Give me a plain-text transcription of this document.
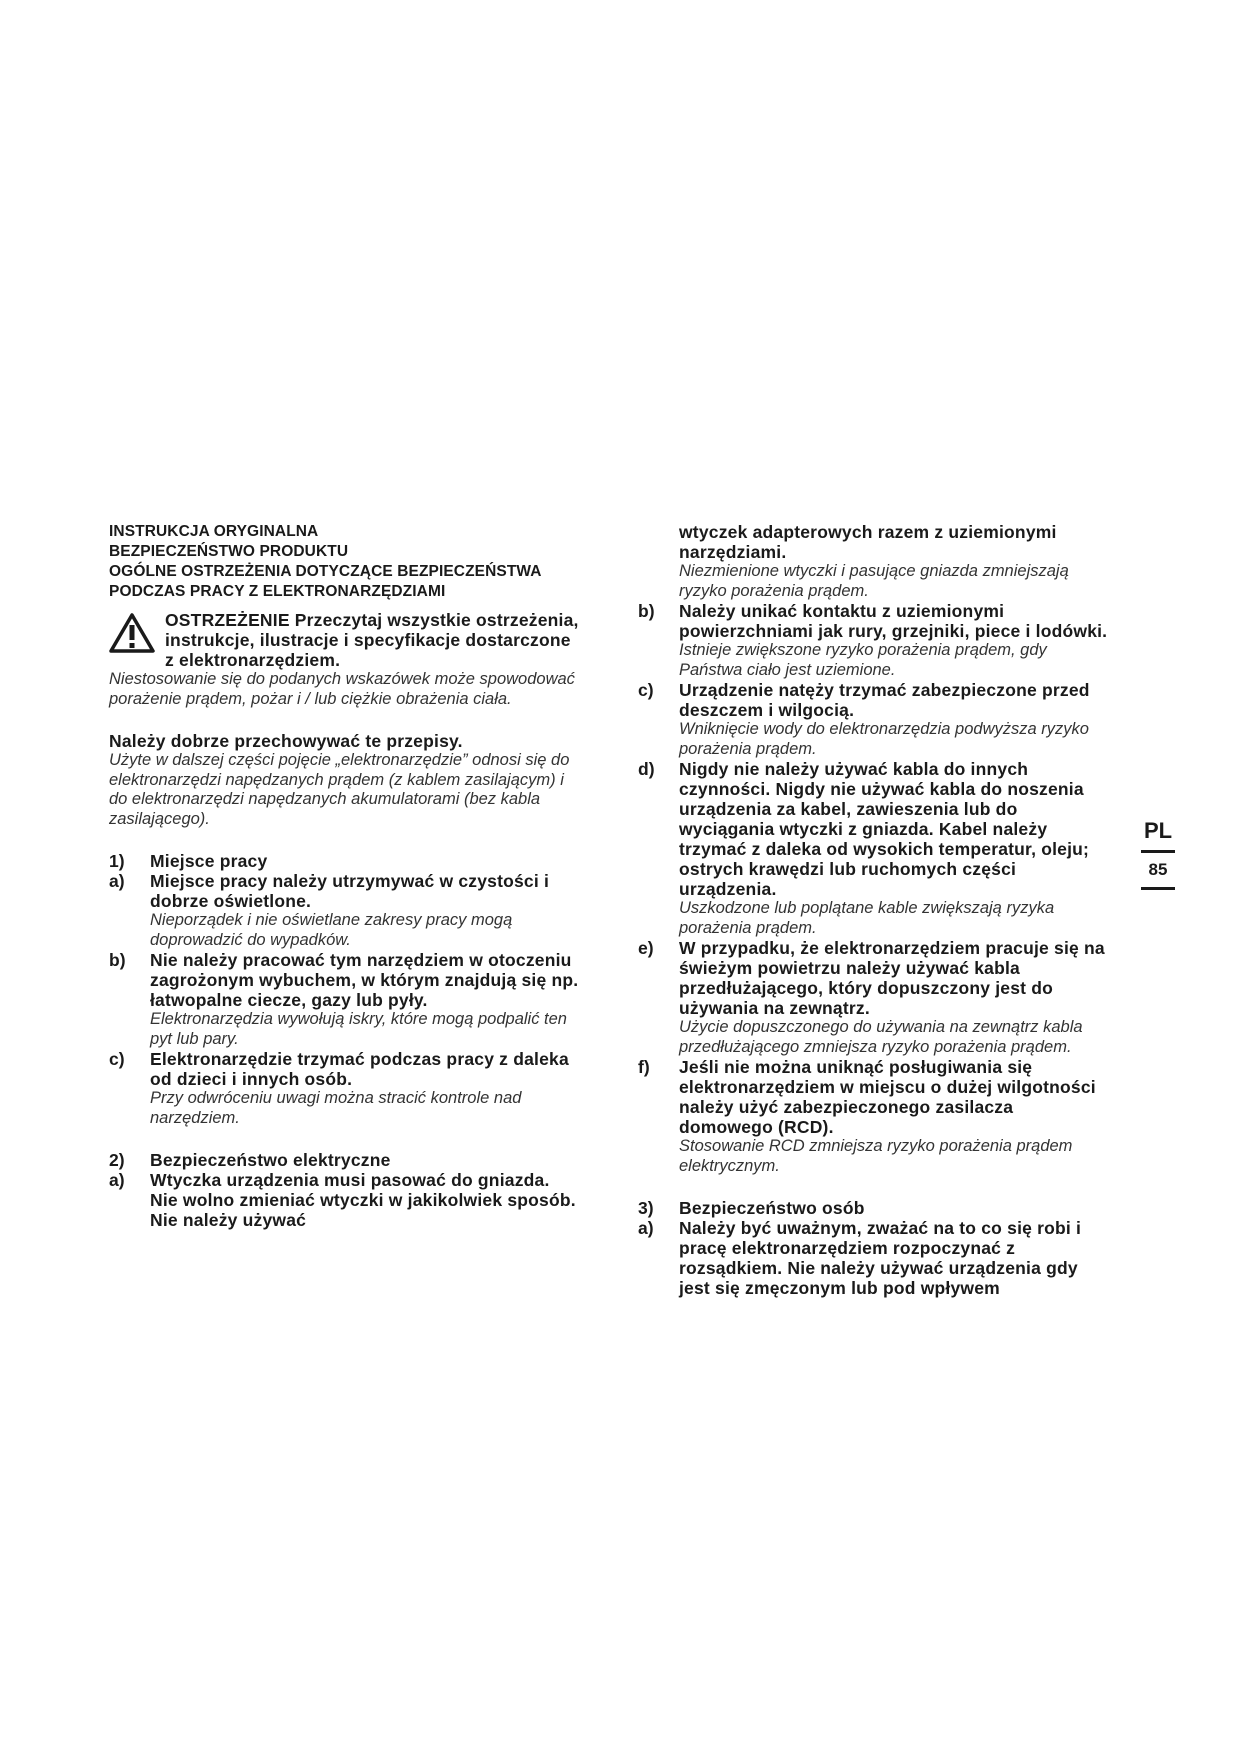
INSTRUKCJA ORYGINALNA
BEZPIECZEŃSTWO PRODUKTU
OGÓLNE OSTRZEŻENIA DOTYCZĄCE BEZPIECZEŃSTWA
PODCZAS PRACY Z ELEKTRONARZĘDZIAMI
OSTRZEŻENIE Przeczytaj wszystkie ostrzeżenia, instrukcje, ilustracje i specyfikacje dostarczone z elektronarzędziem.
Niestosowanie się do podanych wskazówek może spowodować porażenie prądem, pożar i / lub ciężkie obrażenia ciała.
Należy dobrze przechowywać te przepisy.
Użyte w dalszej części pojęcie „elektronarzędzie” odnosi się do elektronarzędzi napędzanych prądem (z kablem zasilającym) i do elektronarzędzi napędzanych akumulatorami (bez kabla zasilającego).
1) Miejsce pracy
a) Miejsce pracy należy utrzymywać w czystości i dobrze oświetlone.
Nieporządek i nie oświetlane zakresy pracy mogą doprowadzić do wypadków.
b) Nie należy pracować tym narzędziem w otoczeniu zagrożonym wybuchem, w którym znajdują się np. łatwopalne ciecze, gazy lub pyły.
Elektronarzędzia wywołują iskry, które mogą podpalić ten pyt lub pary.
c) Elektronarzędzie trzymać podczas pracy z daleka od dzieci i innych osób.
Przy odwróceniu uwagi można stracić kontrole nad narzędziem.
2) Bezpieczeństwo elektryczne
a) Wtyczka urządzenia musi pasować do gniazda. Nie wolno zmieniać wtyczki w jakikolwiek sposób. Nie należy używać
wtyczek adapterowych razem z uziemionymi narzędziami.
Niezmienione wtyczki i pasujące gniazda zmniejszają ryzyko porażenia prądem.
b) Należy unikać kontaktu z uziemionymi powierzchniami jak rury, grzejniki, piece i lodówki.
Istnieje zwiększone ryzyko porażenia prądem, gdy Państwa ciało jest uziemione.
c) Urządzenie natęży trzymać zabezpieczone przed deszczem i wilgocią.
Wniknięcie wody do elektronarzędzia podwyższa ryzyko porażenia prądem.
d) Nigdy nie należy używać kabla do innych czynności. Nigdy nie używać kabla do noszenia urządzenia za kabel, zawieszenia lub do wyciągania wtyczki z gniazda. Kabel należy trzymać z daleka od wysokich temperatur, oleju; ostrych krawędzi lub ruchomych części urządzenia.
Uszkodzone lub poplątane kable zwiększają ryzyka porażenia prądem.
e) W przypadku, że elektronarzędziem pracuje się na świeżym powietrzu należy używać kabla przedłużającego, który dopuszczony jest do używania na zewnątrz.
Użycie dopuszczonego do używania na zewnątrz kabla przedłużającego zmniejsza ryzyko porażenia prądem.
f) Jeśli nie można uniknąć posługiwania się elektronarzędziem w miejscu o dużej wilgotności należy użyć zabezpieczonego zasilacza domowego (RCD).
Stosowanie RCD zmniejsza ryzyko porażenia prądem elektrycznym.
3) Bezpieczeństwo osób
a) Należy być uważnym, zważać na to co się robi i pracę elektronarzędziem rozpoczynać z rozsądkiem. Nie należy używać urządzenia gdy jest się zmęczonym lub pod wpływem
PL
85
